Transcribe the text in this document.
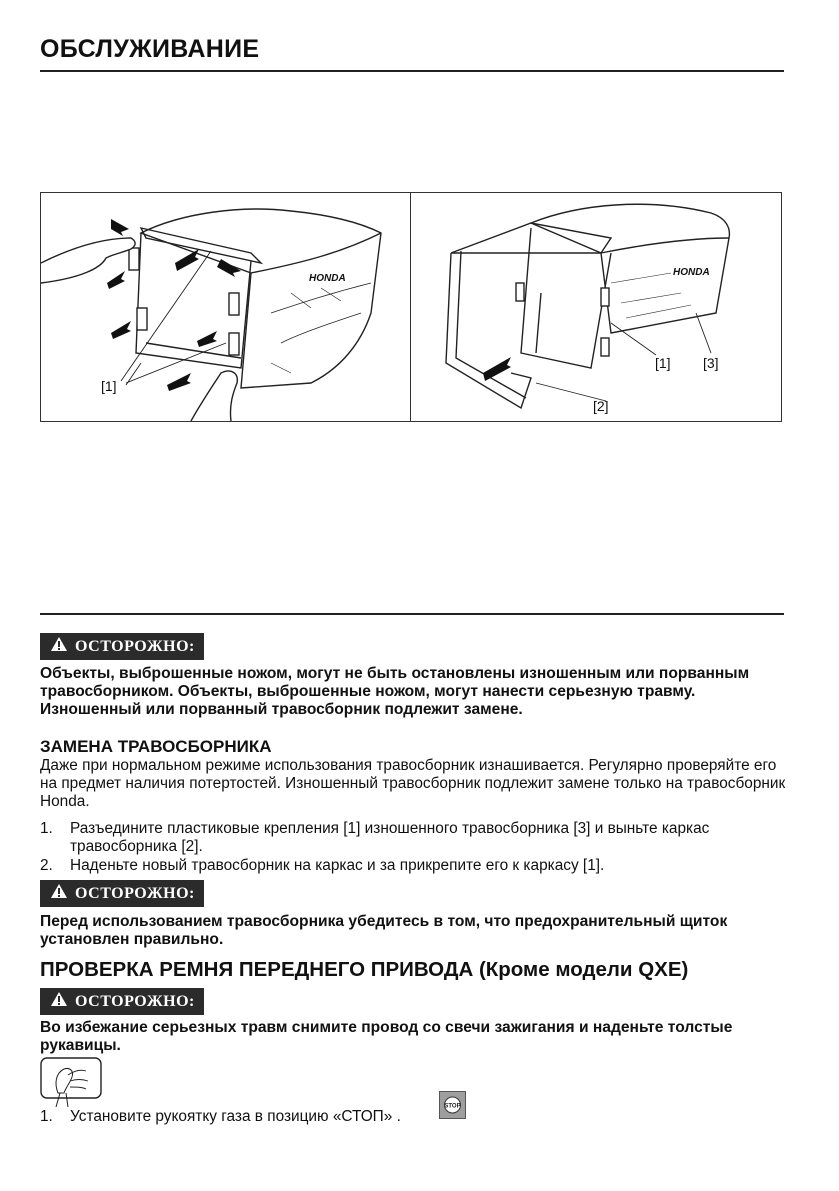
ОБСЛУЖИВАНИЕ
HONDA
[1]
HONDA
[1] [3]
[2]
ОСТОРОЖНО:
Объекты, выброшенные ножом, могут не быть остановлены изношенным или порванным травосборником. Объекты, выброшенные ножом, могут нанести серьезную травму. Изношенный или порванный травосборник подлежит замене.
ЗАМЕНА ТРАВОСБОРНИКА
Даже при нормальном режиме использования травосборник изнашивается. Регулярно проверяйте его на предмет наличия потертостей. Изношенный травосборник подлежит замене только на травосборник Honda.
1. Разъедините пластиковые крепления [1] изношенного травосборника [3] и выньте каркас травосборника [2].
2. Наденьте новый травосборник на каркас и за прикрепите его к каркасу [1].
ОСТОРОЖНО:
Перед использованием травосборника убедитесь в том, что предохранительный щиток установлен правильно.
ПРОВЕРКА РЕМНЯ ПЕРЕДНЕГО ПРИВОДА (Кроме модели QXE)
ОСТОРОЖНО:
Во избежание серьезных травм снимите провод со свечи зажигания и наденьте толстые рукавицы.
1. Установите рукоятку газа в позицию «СТОП» .
STOP
